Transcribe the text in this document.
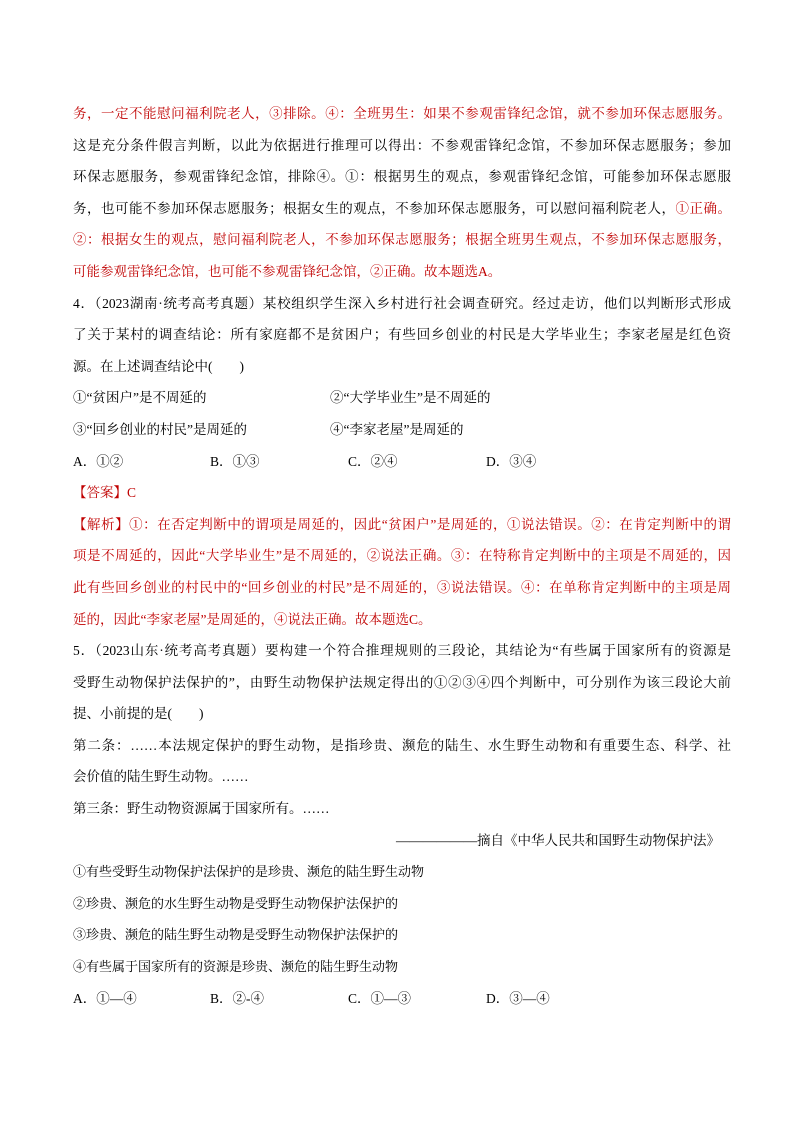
务，一定不能慰问福利院老人，③排除。④：全班男生：如果不参观雷锋纪念馆，就不参加环保志愿服务。
这是充分条件假言判断，以此为依据进行推理可以得出：不参观雷锋纪念馆，不参加环保志愿服务；参加
环保志愿服务，参观雷锋纪念馆，排除④。①：根据男生的观点，参观雷锋纪念馆，可能参加环保志愿服
务，也可能不参加环保志愿服务；根据女生的观点，不参加环保志愿服务，可以慰问福利院老人，①正确。
②：根据女生的观点，慰问福利院老人，不参加环保志愿服务；根据全班男生观点，不参加环保志愿服务，
可能参观雷锋纪念馆，也可能不参观雷锋纪念馆，②正确。故本题选A。
4．（2023湖南·统考高考真题）某校组织学生深入乡村进行社会调查研究。经过走访，他们以判断形式形成
了关于某村的调查结论：所有家庭都不是贫困户；有些回乡创业的村民是大学毕业生；李家老屋是红色资
源。在上述调查结论中(　　)
①“贫困户”是不周延的	②“大学毕业生”是不周延的
③“回乡创业的村民”是周延的	④“李家老屋”是周延的
A．①②	B．①③	C．②④	D．③④
【答案】C
【解析】①：在否定判断中的谓项是周延的，因此“贫困户”是周延的，①说法错误。②：在肯定判断中的谓
项是不周延的，因此“大学毕业生”是不周延的，②说法正确。③：在特称肯定判断中的主项是不周延的，因
此有些回乡创业的村民中的“回乡创业的村民”是不周延的，③说法错误。④：在单称肯定判断中的主项是周
延的，因此“李家老屋”是周延的，④说法正确。故本题选C。
5．（2023山东·统考高考真题）要构建一个符合推理规则的三段论，其结论为“有些属于国家所有的资源是
受野生动物保护法保护的”，由野生动物保护法规定得出的①②③④四个判断中，可分别作为该三段论大前
提、小前提的是(　　)
第二条：……本法规定保护的野生动物，是指珍贵、濒危的陆生、水生野生动物和有重要生态、科学、社
会价值的陆生野生动物。……
第三条：野生动物资源属于国家所有。……
——————摘自《中华人民共和国野生动物保护法》
①有些受野生动物保护法保护的是珍贵、濒危的陆生野生动物
②珍贵、濒危的水生野生动物是受野生动物保护法保护的
③珍贵、濒危的陆生野生动物是受野生动物保护法保护的
④有些属于国家所有的资源是珍贵、濒危的陆生野生动物
A．①—④	B．②-④	C．①—③	D．③—④
